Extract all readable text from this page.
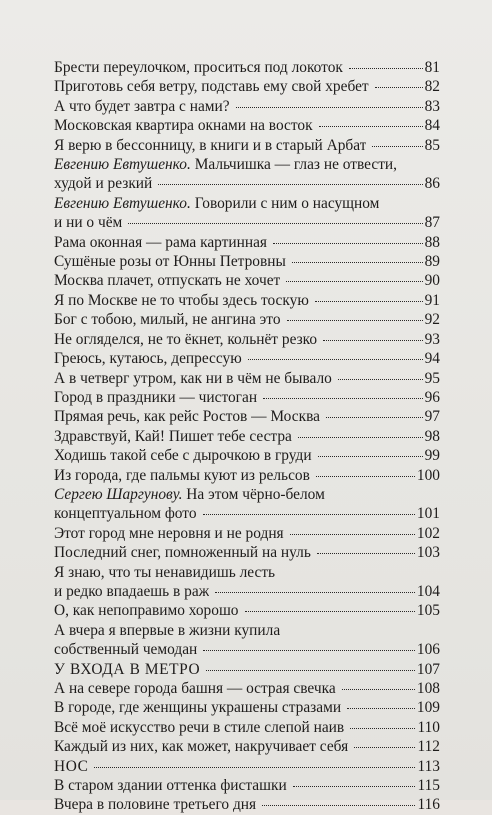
Брести переулочком, проситься под локоток	81
Приготовь себя ветру, подставь ему свой хребет	82
А что будет завтра с нами?	83
Московская квартира окнами на восток	84
Я верю в бессонницу, в книги и в старый Арбат	85
Евгению Евтушенко. Мальчишка — глаз не отвести,
худой и резкий	86
Евгению Евтушенко. Говорили с ним о насущном
и ни о чём	87
Рама оконная — рама картинная	88
Сушёные розы от Юнны Петровны	89
Москва плачет, отпускать не хочет	90
Я по Москве не то чтобы здесь тоскую	91
Бог с тобою, милый, не ангина это	92
Не огляделся, не то ёкнет, кольнёт резко	93
Греюсь, кутаюсь, депрессую	94
А в четверг утром, как ни в чём не бывало	95
Город в праздники — чистоган	96
Прямая речь, как рейс Ростов — Москва	97
Здравствуй, Кай! Пишет тебе сестра	98
Ходишь такой себе с дырочкою в груди	99
Из города, где пальмы куют из рельсов	100
Сергею Шаргунову. На этом чёрно-белом
концептуальном фото	101
Этот город мне неровня и не родня	102
Последний снег, помноженный на нуль	103
Я знаю, что ты ненавидишь лесть
и редко впадаешь в раж	104
О, как непоправимо хорошо	105
А вчера я впервые в жизни купила
собственный чемодан	106
У ВХОДА В МЕТРО	107
А на севере города башня — острая свечка	108
В городе, где женщины украшены стразами	109
Всё моё искусство речи в стиле слепой наив	110
Каждый из них, как может, накручивает себя	112
НОС	113
В старом здании оттенка фисташки	115
Вчера в половине третьего дня	116
